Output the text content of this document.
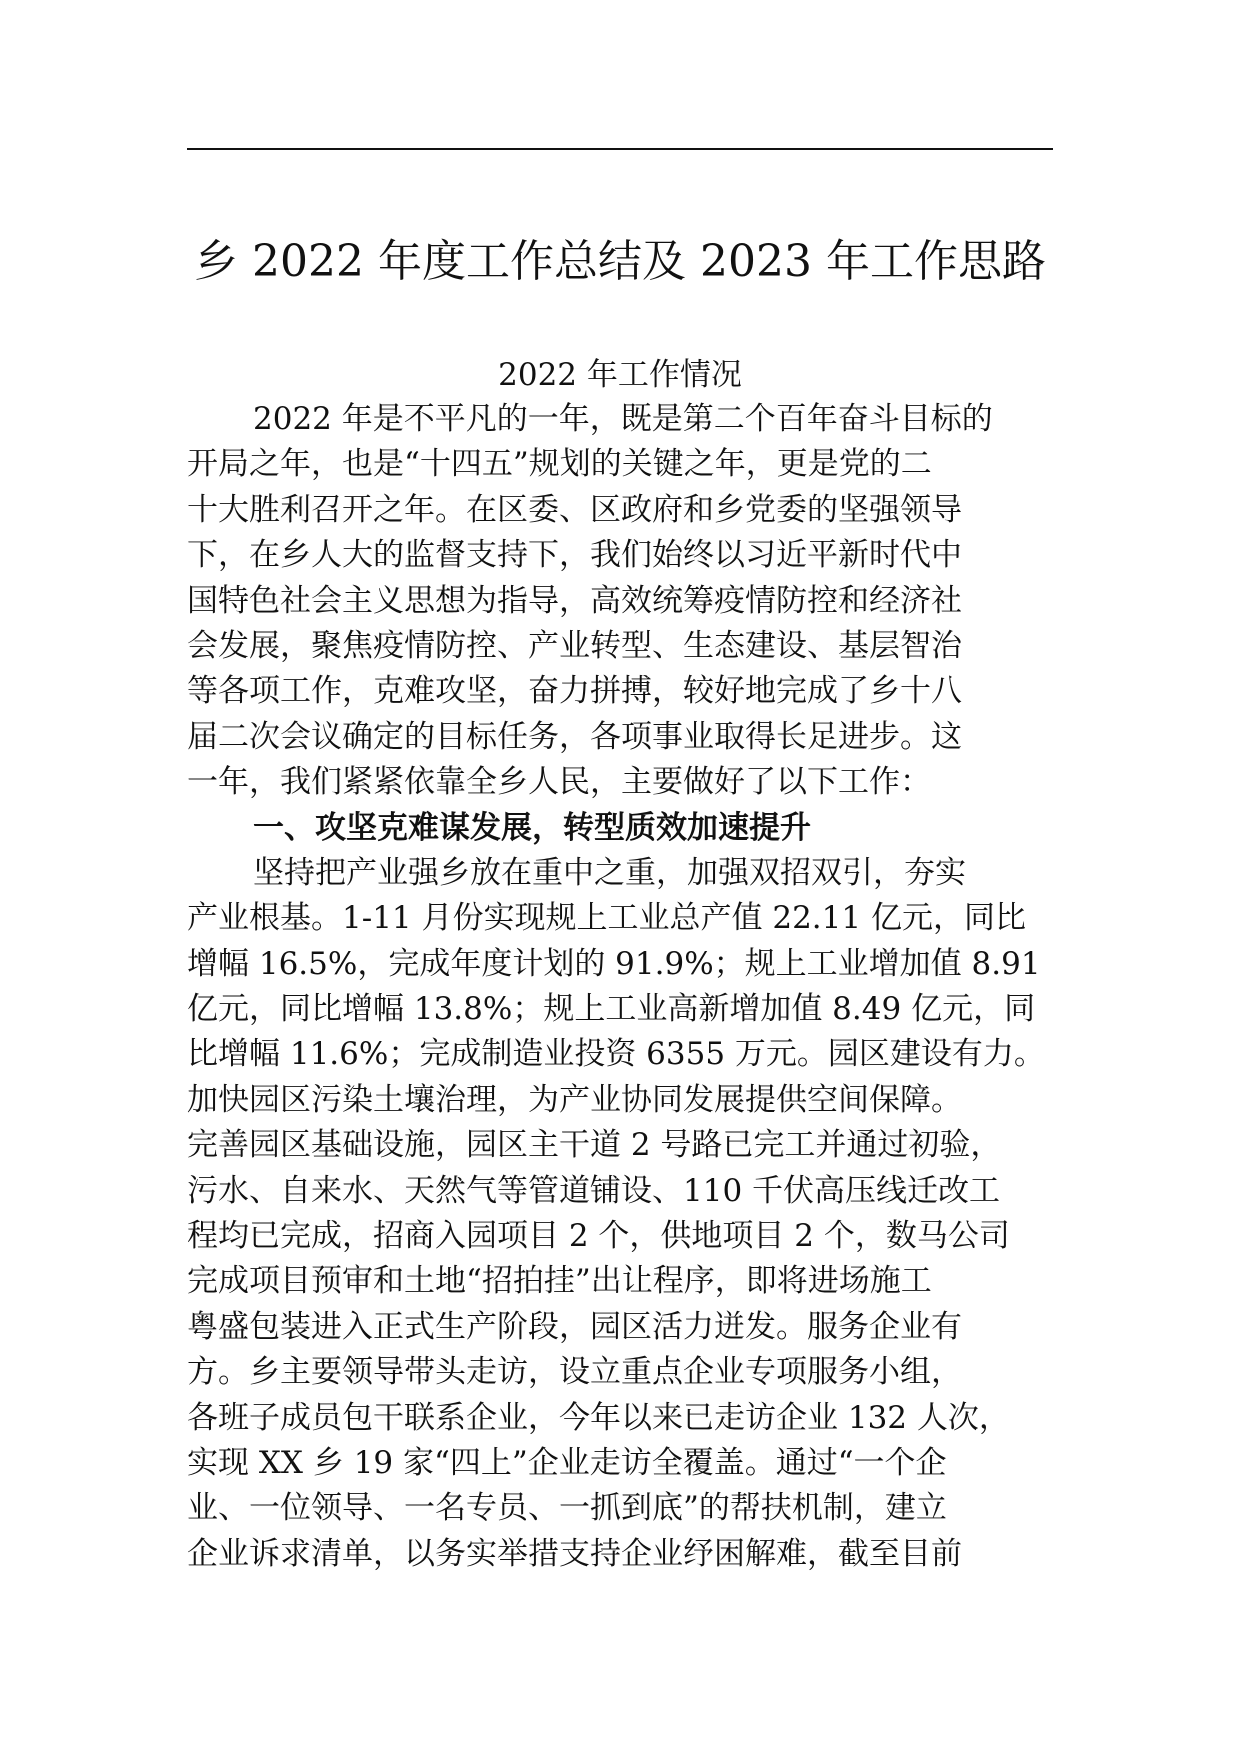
乡 2022 年度工作总结及 2023 年工作思路
2022 年工作情况
2022 年是不平凡的一年，既是第二个百年奋斗目标的
开局之年，也是“十四五”规划的关键之年，更是党的二
十大胜利召开之年。在区委、区政府和乡党委的坚强领导
下，在乡人大的监督支持下，我们始终以习近平新时代中
国特色社会主义思想为指导，高效统筹疫情防控和经济社
会发展，聚焦疫情防控、产业转型、生态建设、基层智治
等各项工作，克难攻坚，奋力拼搏，较好地完成了乡十八
届二次会议确定的目标任务，各项事业取得长足进步。这
一年，我们紧紧依靠全乡人民，主要做好了以下工作：
一、攻坚克难谋发展，转型质效加速提升
坚持把产业强乡放在重中之重，加强双招双引，夯实
产业根基。1-11 月份实现规上工业总产值 22.11 亿元，同比
增幅 16.5%，完成年度计划的 91.9%；规上工业增加值 8.91
亿元，同比增幅 13.8%；规上工业高新增加值 8.49 亿元，同
比增幅 11.6%；完成制造业投资 6355 万元。园区建设有力。
加快园区污染土壤治理，为产业协同发展提供空间保障。
完善园区基础设施，园区主干道 2 号路已完工并通过初验，
污水、自来水、天然气等管道铺设、110 千伏高压线迁改工
程均已完成，招商入园项目 2 个，供地项目 2 个，数马公司
完成项目预审和土地“招拍挂”出让程序，即将进场施工
粤盛包装进入正式生产阶段，园区活力迸发。服务企业有
方。乡主要领导带头走访，设立重点企业专项服务小组，
各班子成员包干联系企业，今年以来已走访企业 132 人次，
实现 XX 乡 19 家“四上”企业走访全覆盖。通过“一个企
业、一位领导、一名专员、一抓到底”的帮扶机制，建立
企业诉求清单，以务实举措支持企业纾困解难，截至目前
